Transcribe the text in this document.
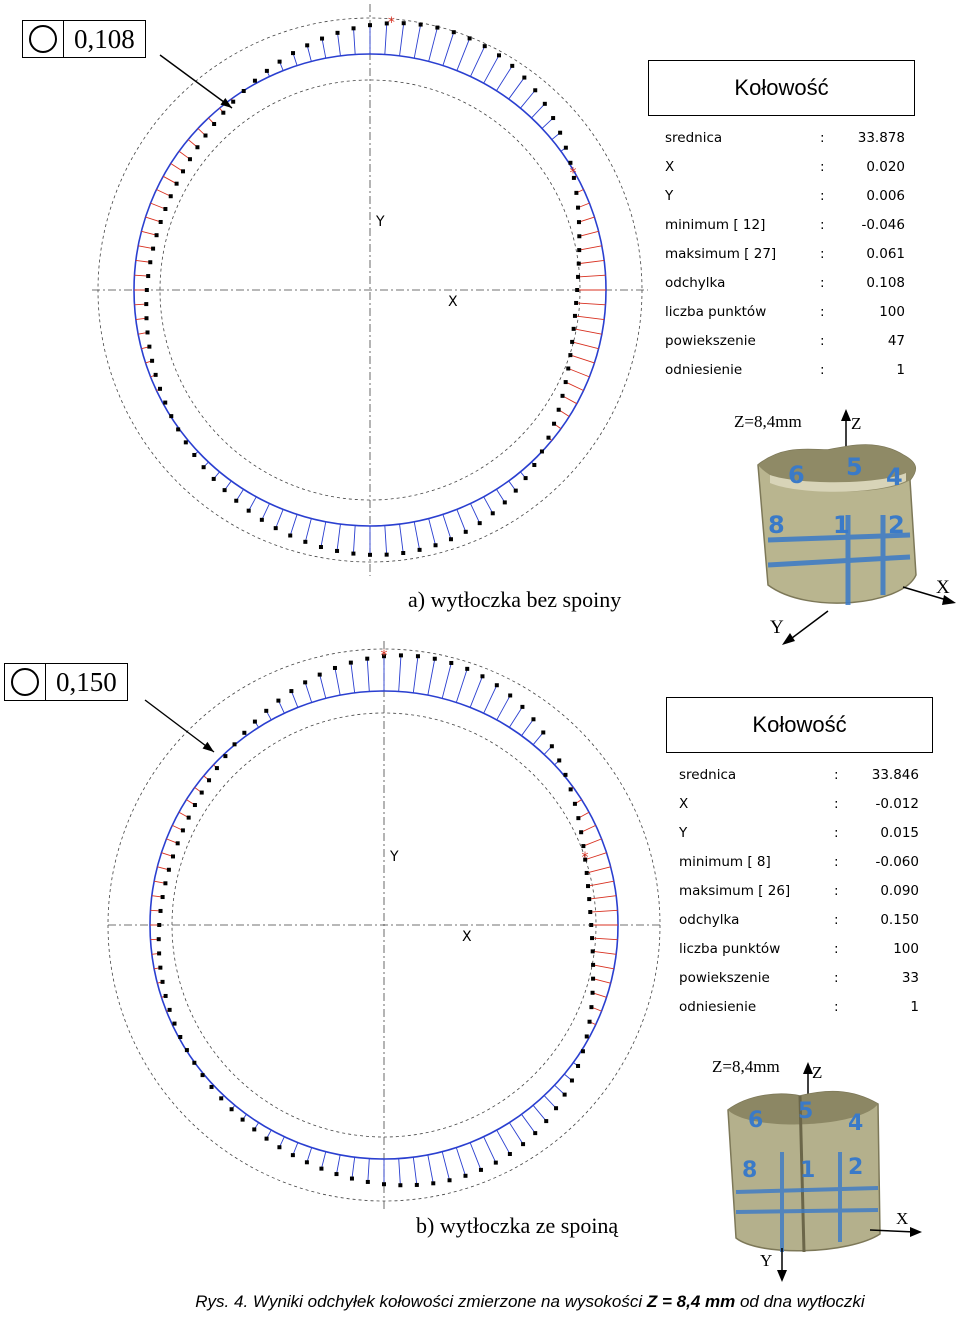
*
*
X
Y
0,108
Kołowość
srednica	:	33.878
X	:	0.020
Y	:	0.006
minimum [ 12]	:	-0.046
maksimum [ 27]	:	0.061
odchylka	:	0.108
liczba punktów	:	100
powiekszenie	:	47
odniesienie	:	1
a) wytłoczka bez spoiny
Z=8,4mm	Z
6 5 4
8 1 2
X
Y
*
*
X
Y
0,150
Kołowość
srednica	:	33.846
X	:	-0.012
Y	:	0.015
minimum [ 8]	:	-0.060
maksimum [ 26]	:	0.090
odchylka	:	0.150
liczba punktów	:	100
powiekszenie	:	33
odniesienie	:	1
b) wytłoczka ze spoiną
Z=8,4mm Z
6 5 4
8 1 2
X
Y
Rys. 4. Wyniki odchyłek kołowości zmierzone na wysokości Z = 8,4 mm od dna wytłoczki
